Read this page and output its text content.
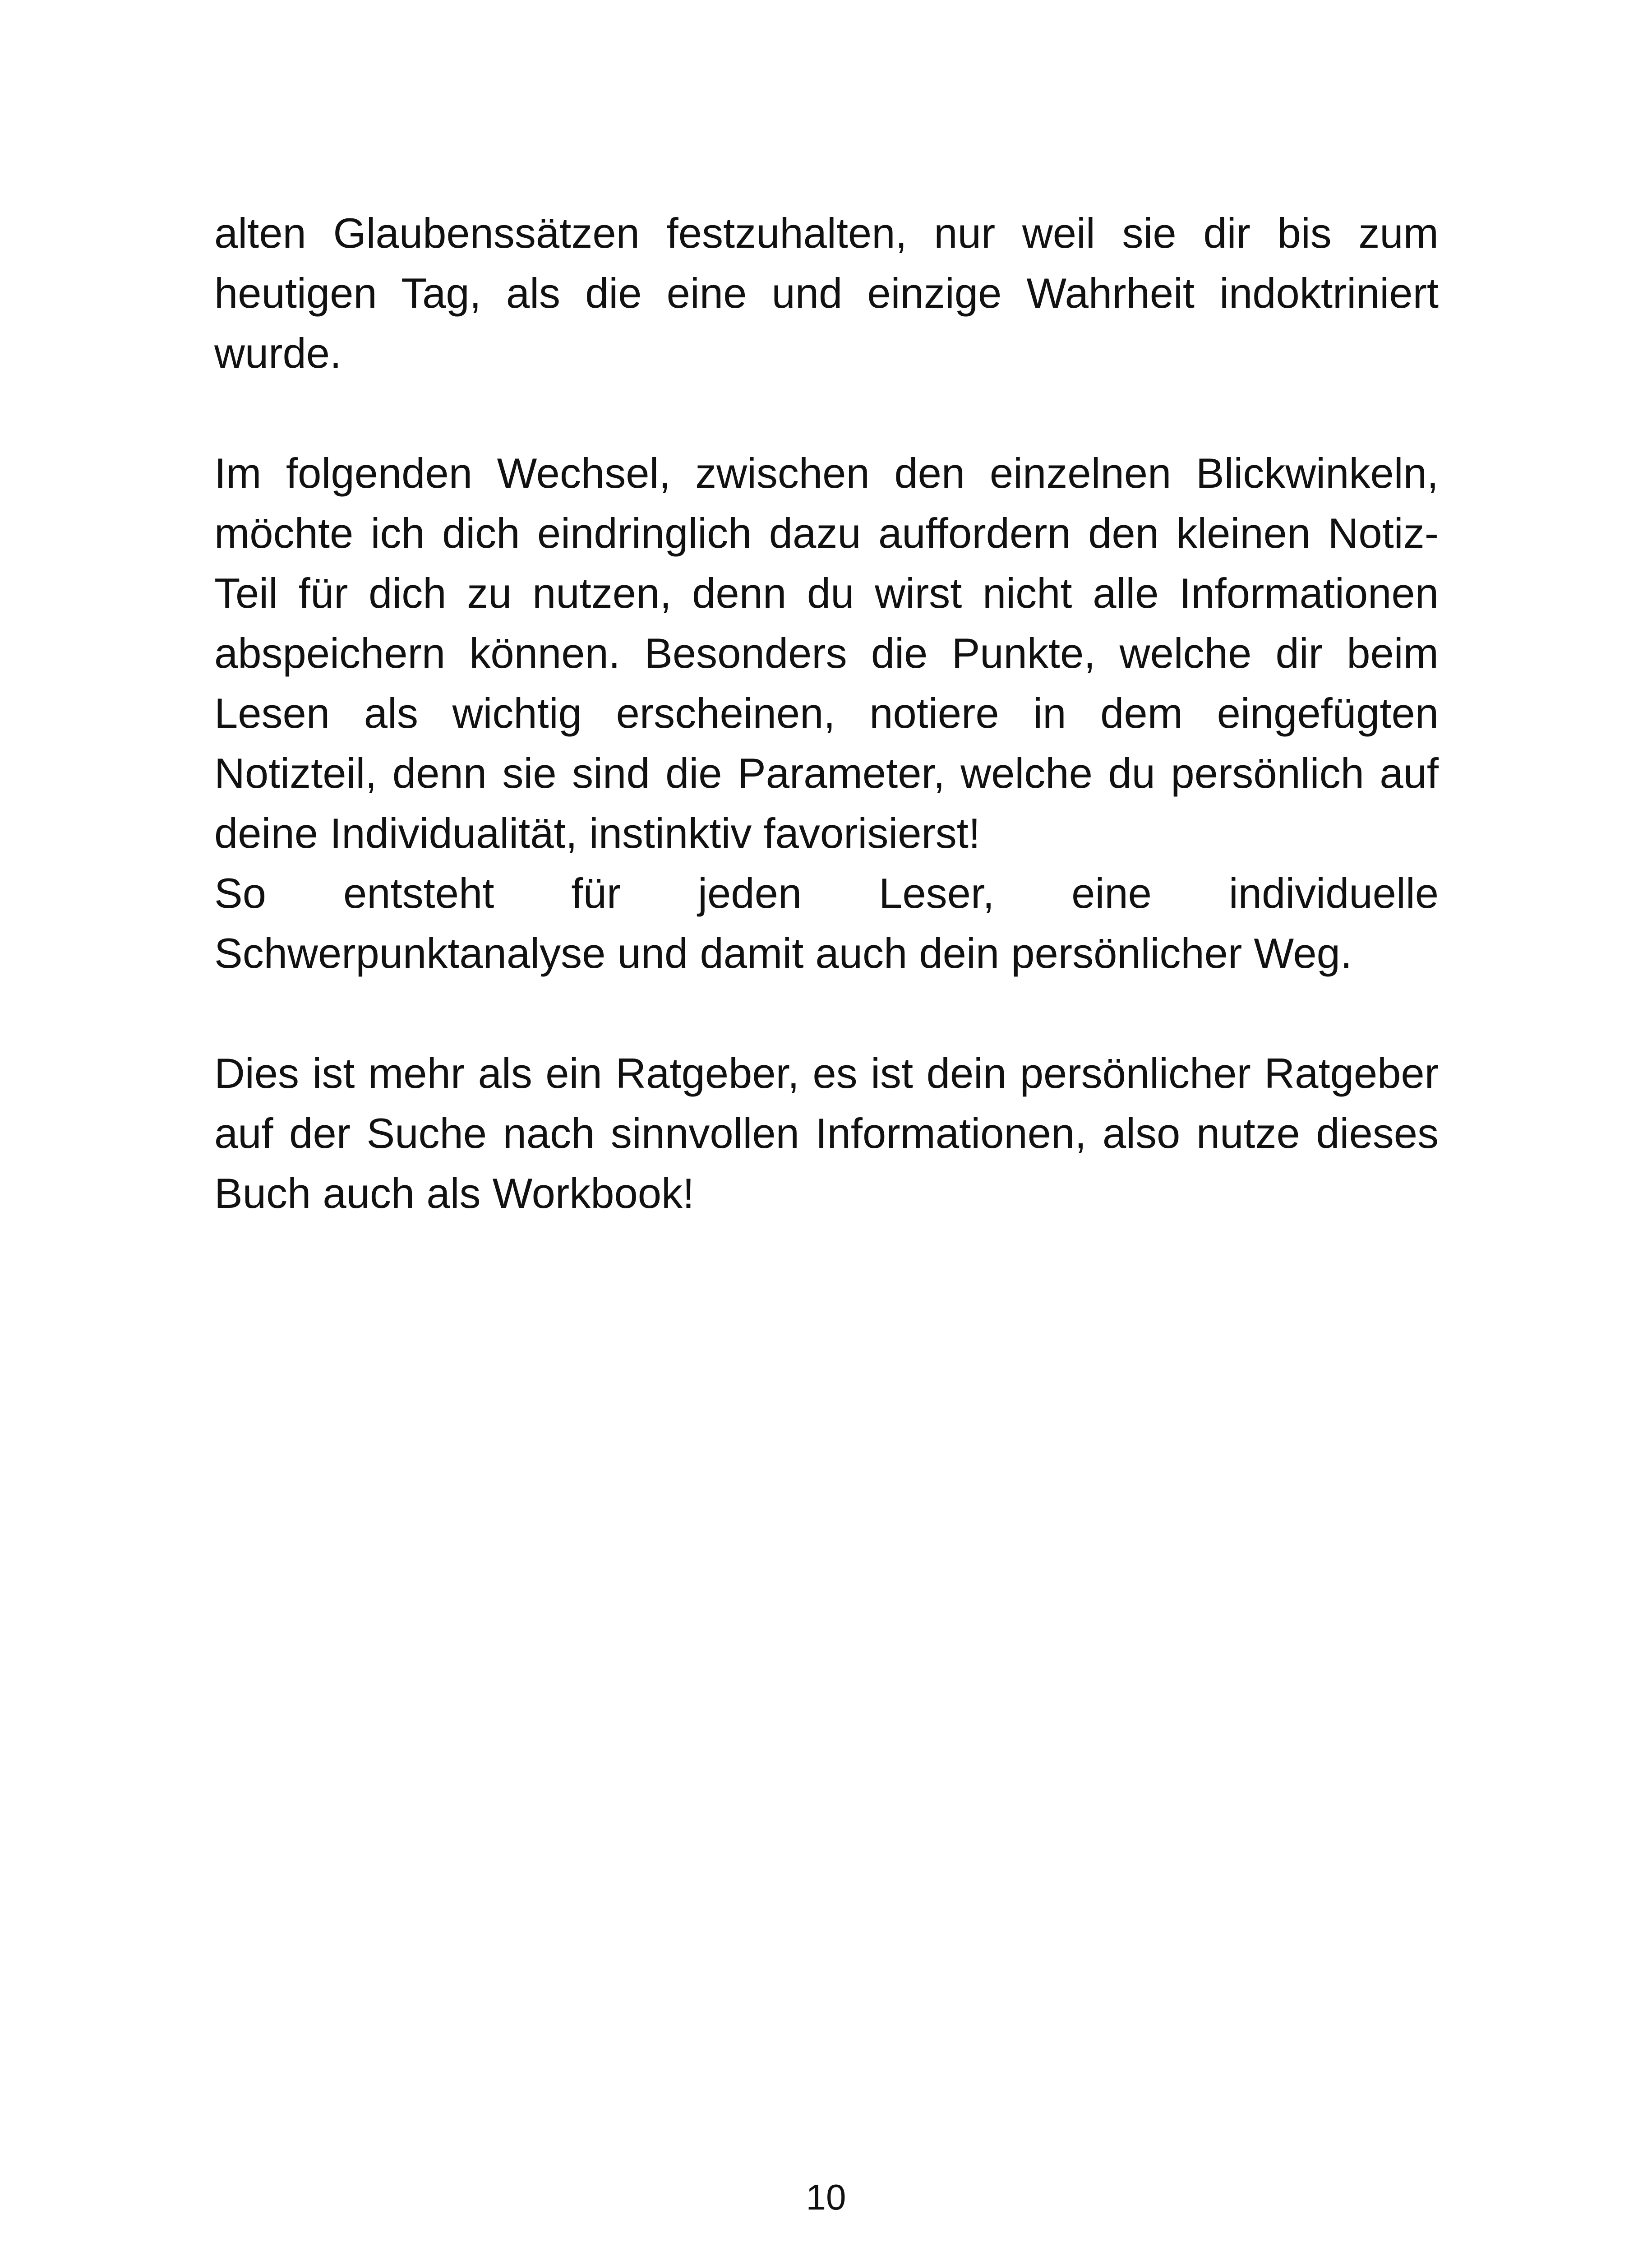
alten Glaubenssätzen festzuhalten, nur weil sie dir bis zum heutigen Tag, als die eine und einzige Wahrheit indoktriniert wurde.

Im folgenden Wechsel, zwischen den einzelnen Blickwinkeln, möchte ich dich eindringlich dazu auffordern den kleinen Notiz-Teil für dich zu nutzen, denn du wirst nicht alle Informationen abspeichern können. Besonders die Punkte, welche dir beim Lesen als wichtig erscheinen, notiere in dem eingefügten Notizteil, denn sie sind die Parameter, welche du persönlich auf deine Individualität, instinktiv favorisierst!

So entsteht für jeden Leser, eine individuelle

Schwerpunktanalyse und damit auch dein persönlicher Weg.

Dies ist mehr als ein Ratgeber, es ist dein persönlicher Ratgeber auf der Suche nach sinnvollen Informationen, also nutze dieses Buch auch als Workbook!

10
